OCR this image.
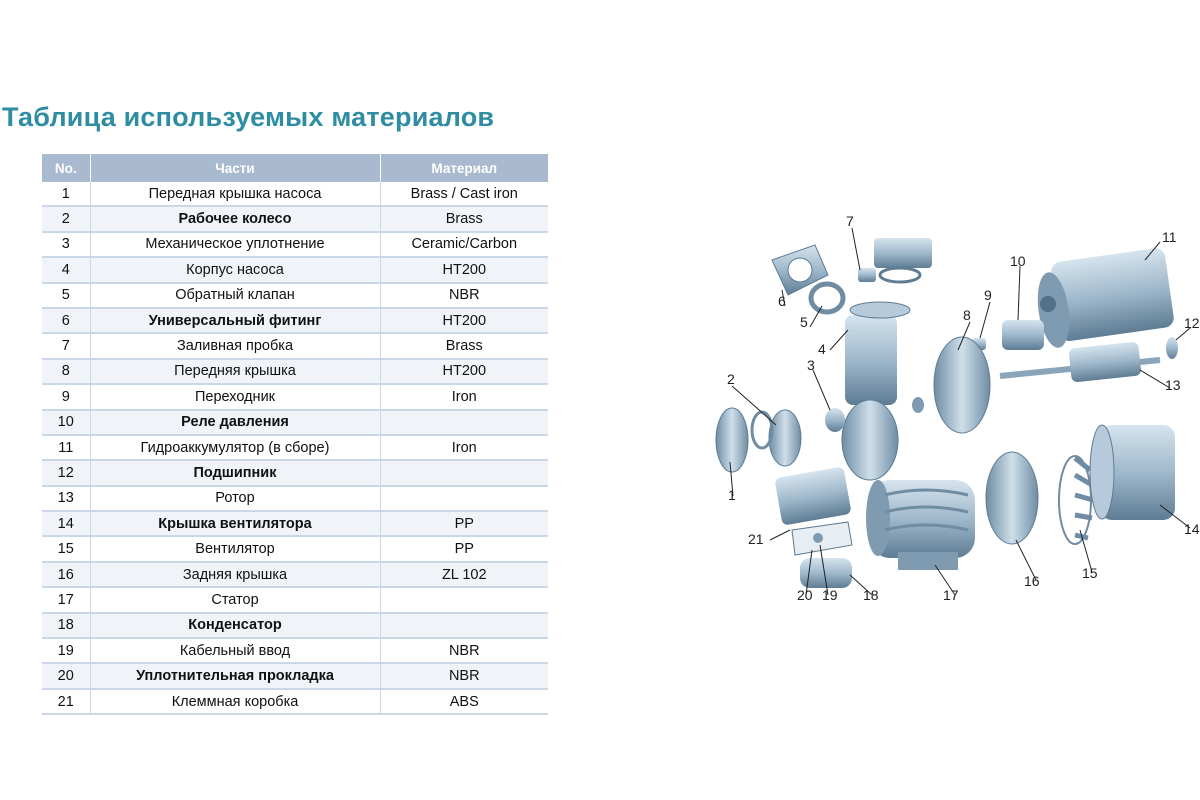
Таблица используемых материалов
No.	Части	Материал
1	Передная крышка насоса	Brass / Cast iron
2	Рабочее колесо	Brass
3	Механическое уплотнение	Ceramic/Carbon
4	Корпус насоса	HT200
5	Обратный клапан	NBR
6	Универсальный фитинг	HT200
7	Заливная пробка	Brass
8	Передняя крышка	HT200
9	Переходник	Iron
10	Реле давления	
11	Гидроаккумулятор (в сборе)	Iron
12	Подшипник	
13	Ротор	
14	Крышка вентилятора	PP
15	Вентилятор	PP
16	Задняя крышка	ZL 102
17	Статор	
18	Конденсатор	
19	Кабельный ввод	NBR
20	Уплотнительная прокладка	NBR
21	Клеммная коробка	ABS
1
2
3
4
5
6
7
8
9
10
11
12
13
14
15
16
17
18
19
20
21
